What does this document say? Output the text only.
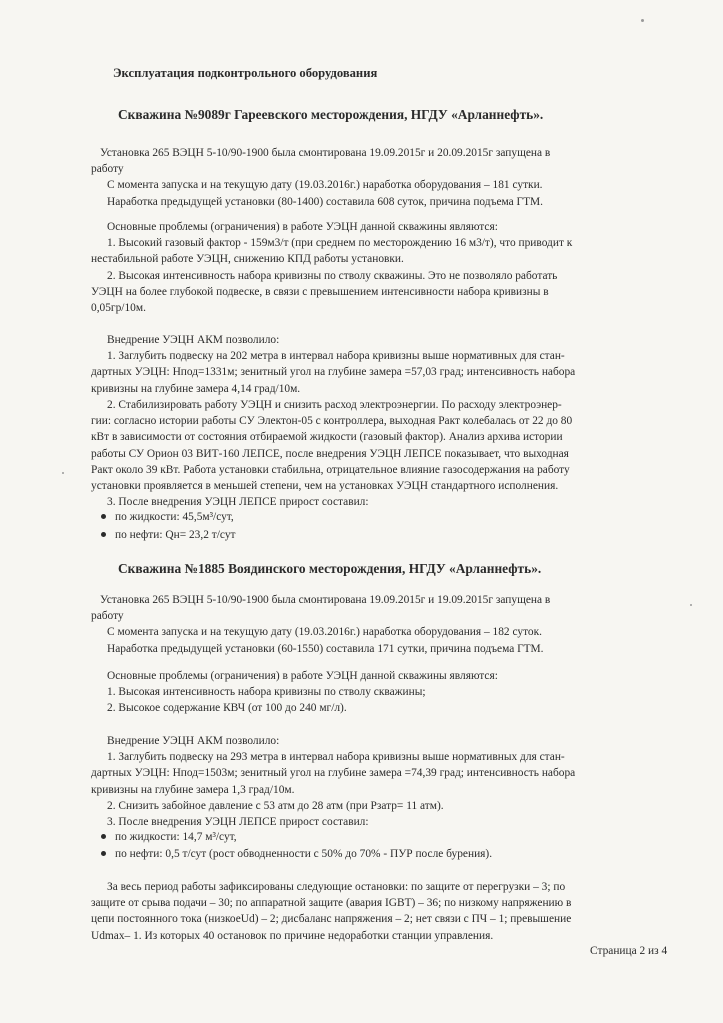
Эксплуатация подконтрольного оборудования
Скважина №9089г Гареевского месторождения, НГДУ «Арланнефть».
Установка 265 ВЭЦН 5-10/90-1900 была смонтирована 19.09.2015г и 20.09.2015г запущена в
работу
С момента запуска и на текущую дату (19.03.2016г.) наработка оборудования – 181 сутки.
Наработка предыдущей установки (80-1400) составила 608 суток, причина подъема ГТМ.
Основные проблемы (ограничения) в работе УЭЦН данной скважины являются:
1. Высокий газовый фактор - 159м3/т (при среднем по месторождению 16 м3/т), что приводит к
нестабильной работе УЭЦН, снижению КПД работы установки.
2. Высокая интенсивность набора кривизны по стволу скважины. Это не позволяло работать
УЭЦН на более глубокой подвеске, в связи с превышением интенсивности набора кривизны в
0,05гр/10м.
Внедрение УЭЦН АКМ позволило:
1. Заглубить подвеску на 202 метра в интервал набора кривизны выше нормативных для стан-
дартных УЭЦН: Нпод=1331м; зенитный угол на глубине замера =57,03 град; интенсивность набора
кривизны на глубине замера 4,14 град/10м.
2. Стабилизировать работу УЭЦН и снизить расход электроэнергии. По расходу электроэнер-
гии: согласно истории работы СУ Электон-05 с контроллера, выходная Ракт колебалась от 22 до 80
кВт в зависимости от состояния отбираемой жидкости (газовый фактор). Анализ архива истории
работы СУ Орион 03 ВИТ-160 ЛЕПСЕ, после внедрения УЭЦН ЛЕПСЕ показывает, что выходная
Ракт около 39 кВт. Работа установки стабильна, отрицательное влияние газосодержания на работу
установки проявляется в меньшей степени, чем на установках УЭЦН стандартного исполнения.
3. После внедрения УЭЦН ЛЕПСЕ прирост составил:
по жидкости: 45,5м³/сут,
по нефти: Qн= 23,2 т/сут
Скважина №1885 Воядинского месторождения, НГДУ «Арланнефть».
Установка 265 ВЭЦН 5-10/90-1900 была смонтирована 19.09.2015г и 19.09.2015г запущена в
работу
С момента запуска и на текущую дату (19.03.2016г.) наработка оборудования – 182 суток.
Наработка предыдущей установки (60-1550) составила 171 сутки, причина подъема ГТМ.
Основные проблемы (ограничения) в работе УЭЦН данной скважины являются:
1. Высокая интенсивность набора кривизны по стволу скважины;
2. Высокое содержание КВЧ (от 100 до 240 мг/л).
Внедрение УЭЦН АКМ позволило:
1. Заглубить подвеску на 293 метра в интервал набора кривизны выше нормативных для стан-
дартных УЭЦН: Нпод=1503м; зенитный угол на глубине замера =74,39 град; интенсивность набора
кривизны на глубине замера 1,3 град/10м.
2. Снизить забойное давление с 53 атм до 28 атм (при Рзатр= 11 атм).
3. После внедрения УЭЦН ЛЕПСЕ прирост составил:
по жидкости: 14,7 м³/сут,
по нефти: 0,5 т/сут (рост обводненности с 50% до 70% - ПУР после бурения).
За весь период работы зафиксированы следующие остановки: по защите от перегрузки – 3; по
защите от срыва подачи – 30; по аппаратной защите (авария IGBT) – 36; по низкому напряжению в
цепи постоянного тока (низкоеUd) – 2; дисбаланс напряжения – 2; нет связи с ПЧ – 1; превышение
Udmax– 1. Из которых 40 остановок по причине недоработки станции управления.
Страница 2 из 4
